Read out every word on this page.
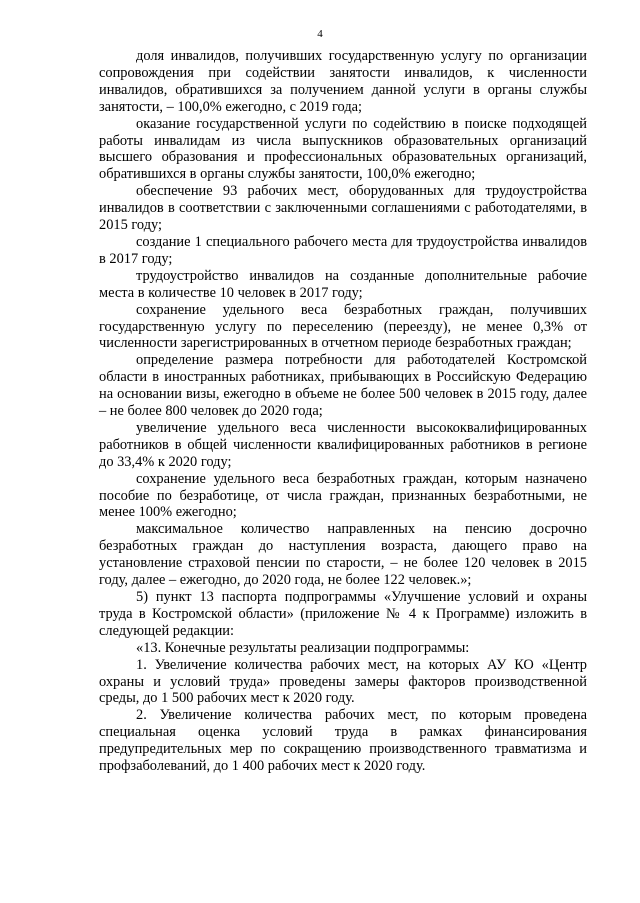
4

доля инвалидов, получивших государственную услугу по организации сопровождения при содействии занятости инвалидов, к численности инвалидов, обратившихся за получением данной услуги в органы службы занятости, – 100,0% ежегодно, с 2019 года;

оказание государственной услуги по содействию в поиске подходящей работы инвалидам из числа выпускников образовательных организаций высшего образования и профессиональных образовательных организаций, обратившихся в органы службы занятости, 100,0% ежегодно;

обеспечение 93 рабочих мест, оборудованных для трудоустройства инвалидов в соответствии с заключенными соглашениями с работодателями, в 2015 году;

создание 1 специального рабочего места для трудоустройства инвалидов в 2017 году;

трудоустройство инвалидов на созданные дополнительные рабочие места в количестве 10 человек в 2017 году;

сохранение удельного веса безработных граждан, получивших государственную услугу по переселению (переезду), не менее 0,3% от численности зарегистрированных в отчетном периоде безработных граждан;

определение размера потребности для работодателей Костромской области в иностранных работниках, прибывающих в Российскую Федерацию на основании визы, ежегодно в объеме не более 500 человек в 2015 году, далее – не более 800 человек до 2020 года;

увеличение удельного веса численности высококвалифицированных работников в общей численности квалифицированных работников в регионе до 33,4% к 2020 году;

сохранение удельного веса безработных граждан, которым назначено пособие по безработице, от числа граждан, признанных безработными, не менее 100% ежегодно;

максимальное количество направленных на пенсию досрочно безработных граждан до наступления возраста, дающего право на установление страховой пенсии по старости, – не более 120 человек в 2015 году, далее – ежегодно, до 2020 года, не более 122 человек.»;

5) пункт 13 паспорта подпрограммы «Улучшение условий и охраны труда в Костромской области» (приложение № 4 к Программе) изложить в следующей редакции:

«13. Конечные результаты реализации подпрограммы:

1. Увеличение количества рабочих мест, на которых АУ КО «Центр охраны и условий труда» проведены замеры факторов производственной среды, до 1 500 рабочих мест к 2020 году.

2. Увеличение количества рабочих мест, по которым проведена специальная оценка условий труда в рамках финансирования предупредительных мер по сокращению производственного травматизма и профзаболеваний, до 1 400 рабочих мест к 2020 году.
